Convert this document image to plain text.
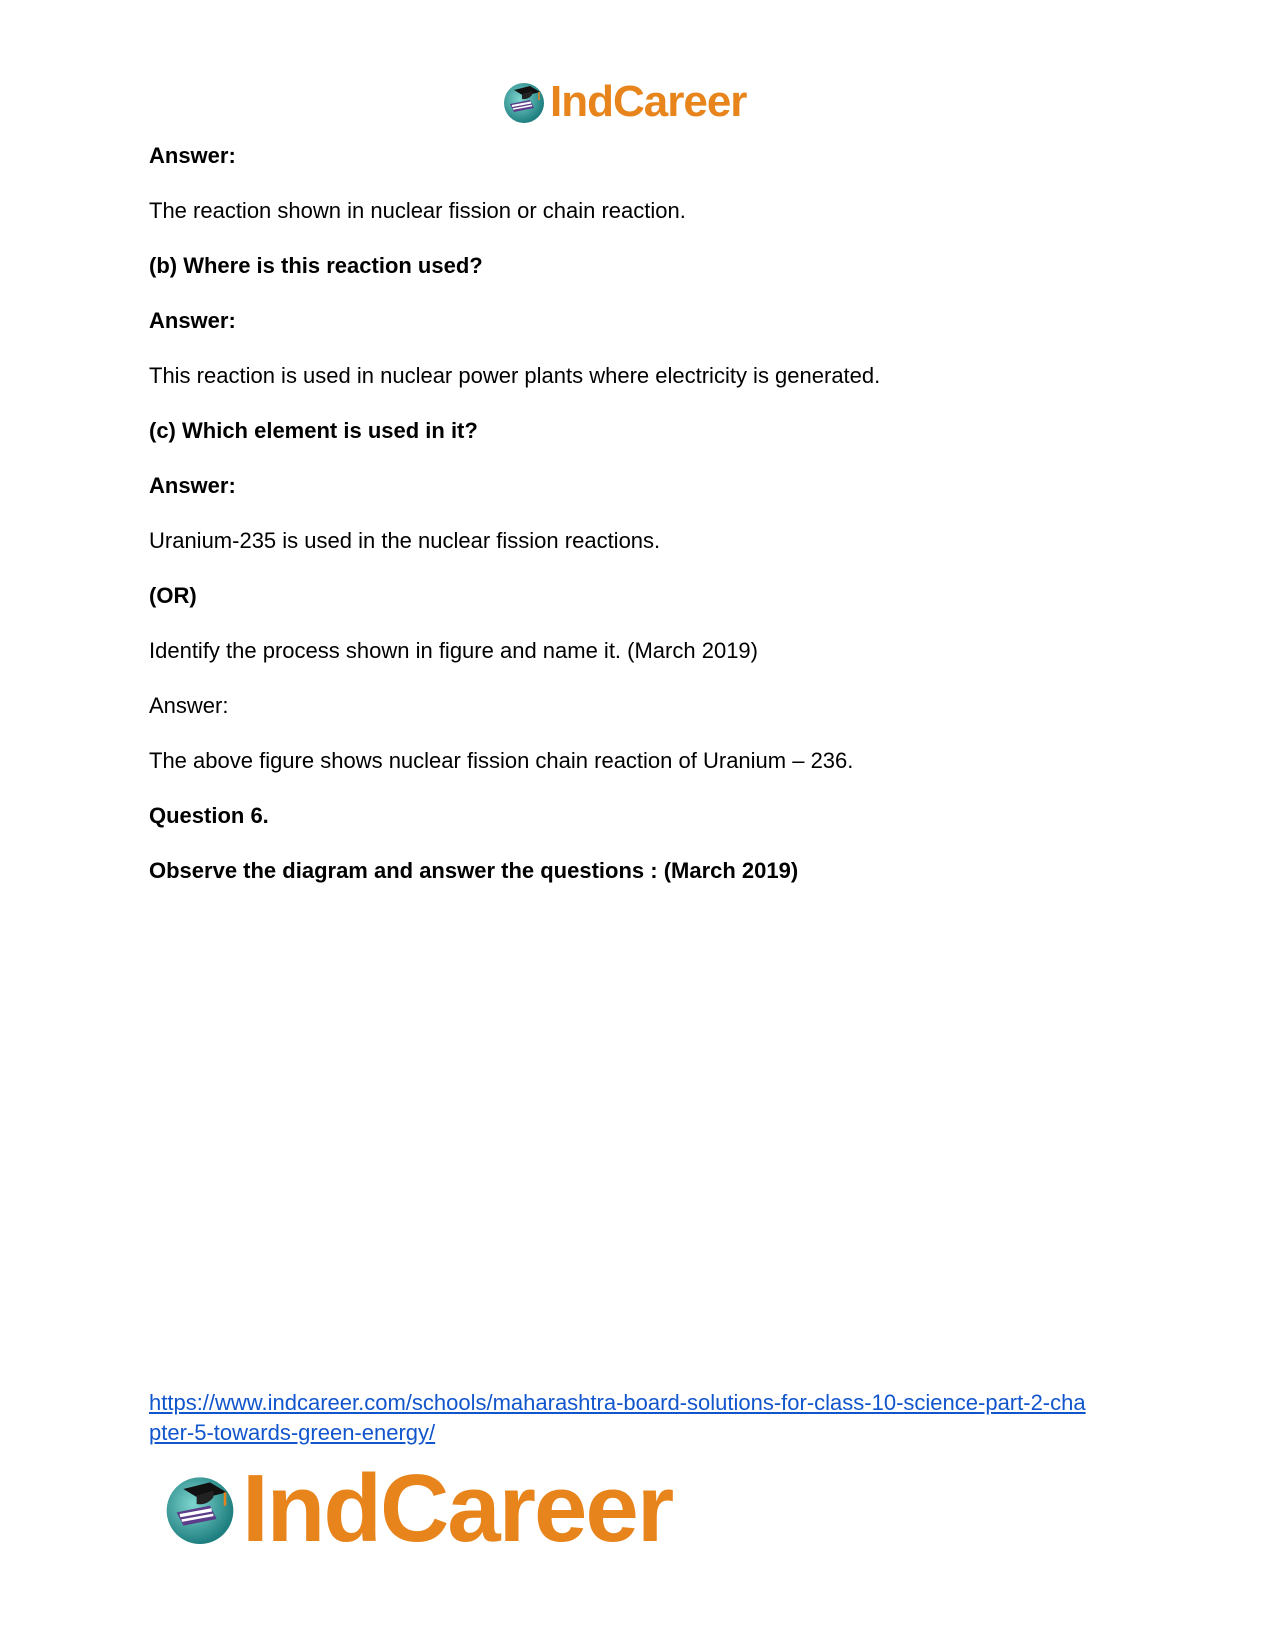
IndCareer

Answer:

The reaction shown in nuclear fission or chain reaction.

(b) Where is this reaction used?

Answer:

This reaction is used in nuclear power plants where electricity is generated.

(c) Which element is used in it?

Answer:

Uranium-235 is used in the nuclear fission reactions.

(OR)

Identify the process shown in figure and name it. (March 2019)

Answer:

The above figure shows nuclear fission chain reaction of Uranium – 236.

Question 6.

Observe the diagram and answer the questions : (March 2019)

https://www.indcareer.com/schools/maharashtra-board-solutions-for-class-10-science-part-2-cha
pter-5-towards-green-energy/
IndCareer
